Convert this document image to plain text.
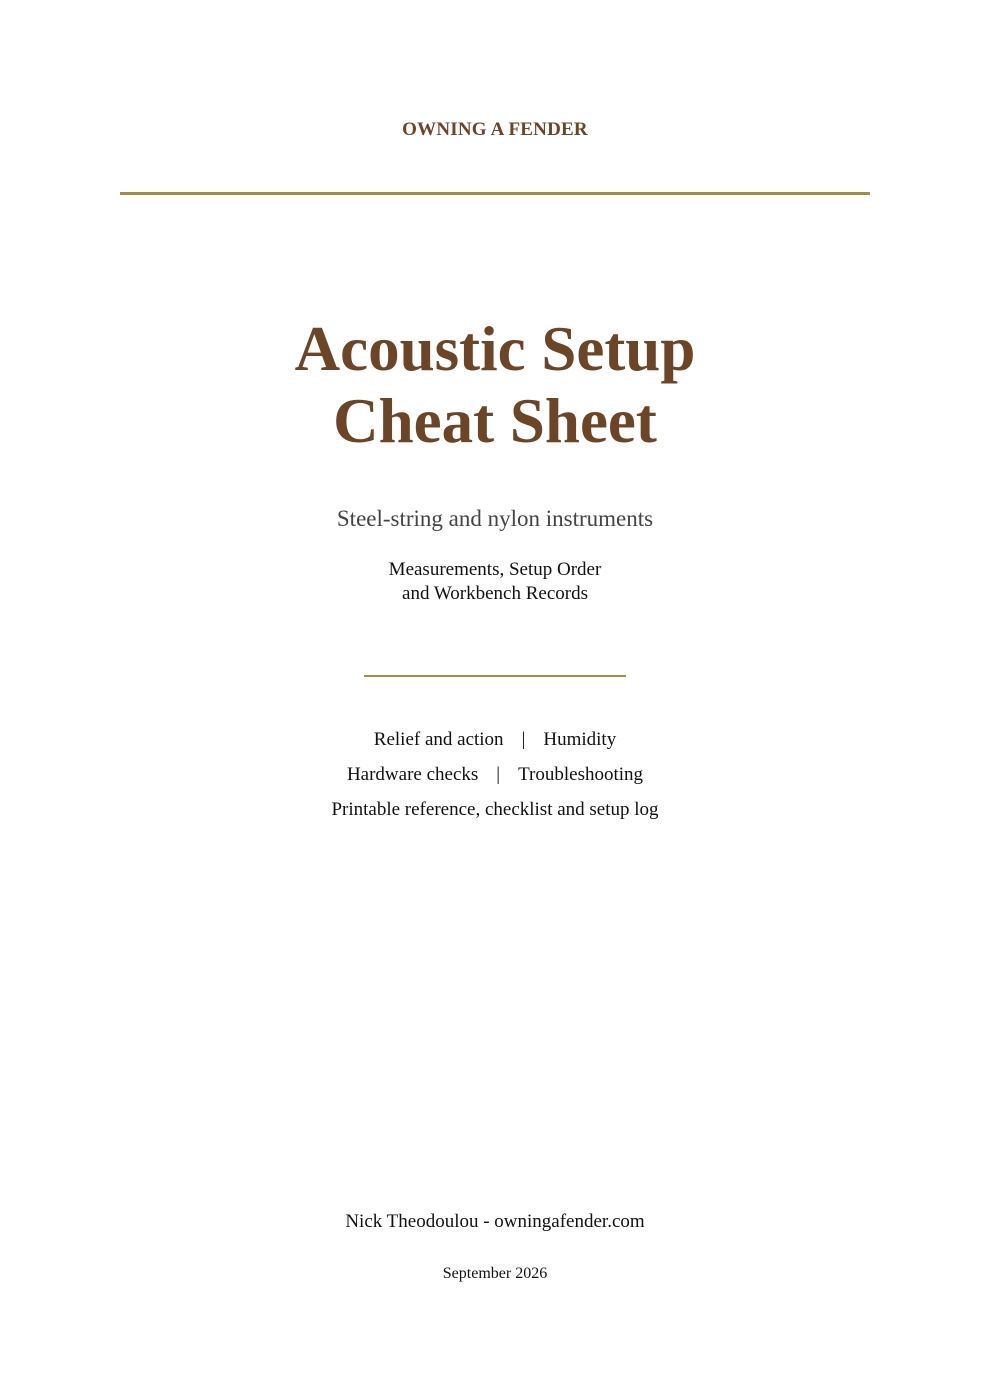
OWNING A FENDER
Acoustic Setup
Cheat Sheet
Steel-string and nylon instruments
Measurements, Setup Order
and Workbench Records
Relief and action | Humidity
Hardware checks | Troubleshooting
Printable reference, checklist and setup log
Nick Theodoulou - owningafender.com
September 2026
